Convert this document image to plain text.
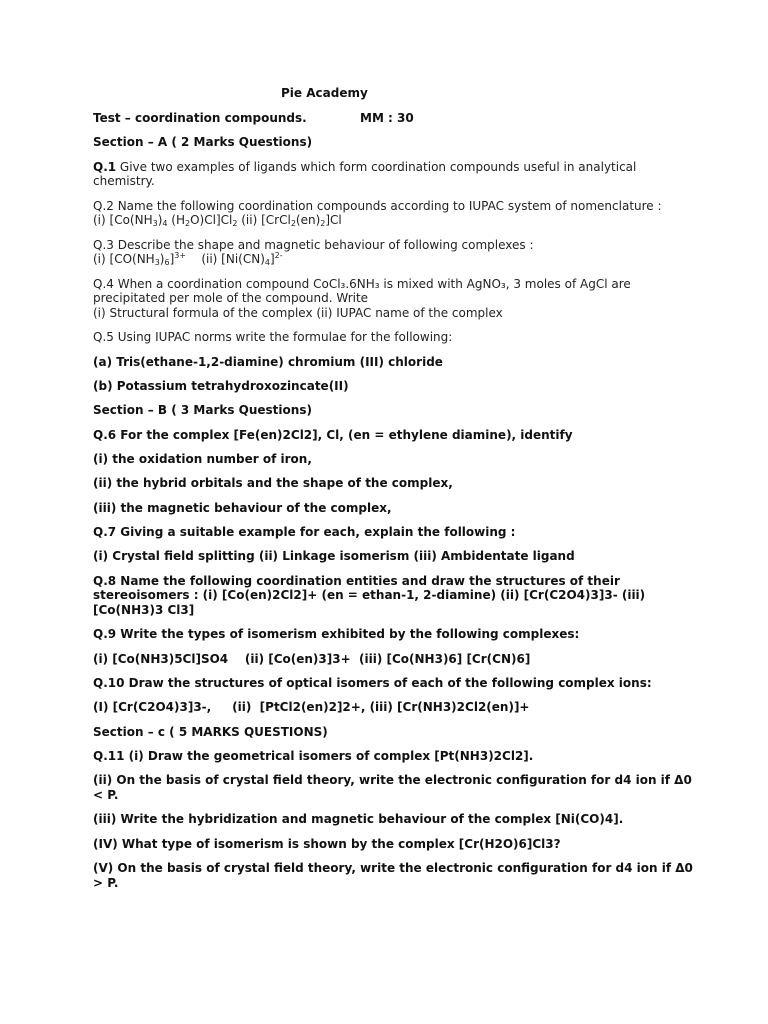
Pie Academy
Test – coordination compounds.	MM : 30
Section – A ( 2 Marks Questions)
Q.1 Give two examples of ligands which form coordination compounds useful in analytical
chemistry.
Q.2 Name the following coordination compounds according to IUPAC system of nomenclature :
(i) [$Co(NH_3)_4$ $(H_2O)Cl]Cl_2$ (ii) $[CrCl_2(en)_2]Cl$
Q.3 Describe the shape and magnetic behaviour of following complexes :
(i) $[CO(NH_3)_6]^{3+}$    (ii) $[Ni(CN)_4]^{2-}$
Q.4 When a coordination compound CoCl₃.6NH₃ is mixed with AgNO₃, 3 moles of AgCl are
precipitated per mole of the compound. Write
(i) Structural formula of the complex (ii) IUPAC name of the complex
Q.5 Using IUPAC norms write the formulae for the following:
(a) Tris(ethane-1,2-diamine) chromium (III) chloride
(b) Potassium tetrahydroxozincate(II)
Section – B ( 3 Marks Questions)
Q.6 For the complex [Fe(en)2Cl2], Cl, (en = ethylene diamine), identify
(i) the oxidation number of iron,
(ii) the hybrid orbitals and the shape of the complex,
(iii) the magnetic behaviour of the complex,
Q.7 Giving a suitable example for each, explain the following :
(i) Crystal field splitting (ii) Linkage isomerism (iii) Ambidentate ligand
Q.8 Name the following coordination entities and draw the structures of their
stereoisomers : (i) [Co(en)2Cl2]+ (en = ethan-1, 2-diamine) (ii) [Cr(C2O4)3]3- (iii)
[Co(NH3)3 Cl3]
Q.9 Write the types of isomerism exhibited by the following complexes:
(i) [Co(NH3)5Cl]SO4    (ii) [Co(en)3]3+  (iii) [Co(NH3)6] [Cr(CN)6]
Q.10 Draw the structures of optical isomers of each of the following complex ions:
(I) [Cr(C2O4)3]3-,     (ii)  [PtCl2(en)2]2+, (iii) [Cr(NH3)2Cl2(en)]+
Section – c ( 5 MARKS QUESTIONS)
Q.11 (i) Draw the geometrical isomers of complex [Pt(NH3)2Cl2].
(ii) On the basis of crystal field theory, write the electronic configuration for d4 ion if Δ0
< P.
(iii) Write the hybridization and magnetic behaviour of the complex [Ni(CO)4].
(IV) What type of isomerism is shown by the complex [Cr(H2O)6]Cl3?
(V) On the basis of crystal field theory, write the electronic configuration for d4 ion if Δ0
> P.
